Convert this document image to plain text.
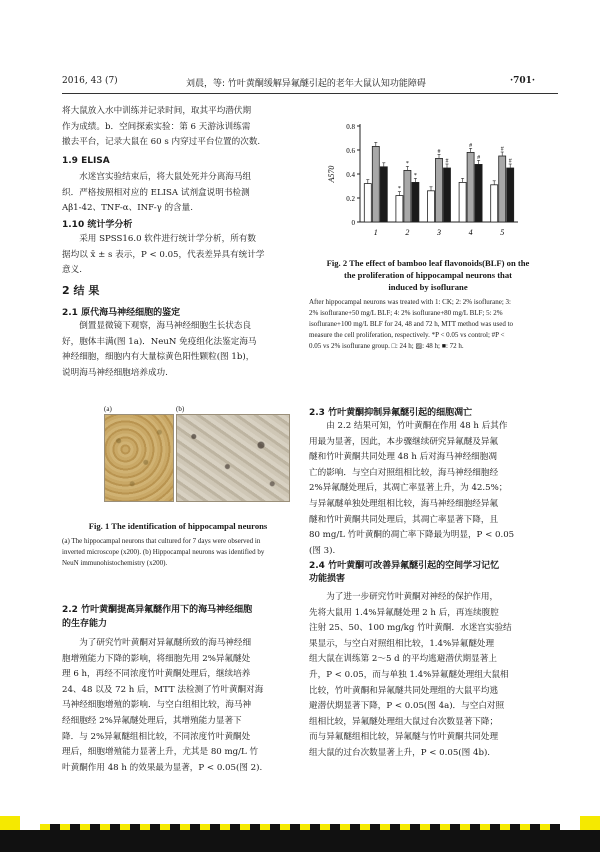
2016, 43 (7)	刘晨，等: 竹叶黄酮缓解异氟醚引起的老年大鼠认知功能障碍	·701·

将大鼠放入水中训练并记录时间，取其平均潜伏期

作为成绩。b．空间探索实验：第 6 天游泳训练需

撤去平台，记录大鼠在 60 s 内穿过平台位置的次数.

1.9 ELISA

水迷宫实验结束后，将大鼠处死并分离海马组

织．严格按照相对应的 ELISA 试剂盒说明书检测

Aβ1-42、TNF-α、INF-γ 的含量.

1.10 统计学分析

采用 SPSS16.0 软件进行统计学分析，所有数

据均以 x̄ ± s 表示，P < 0.05，代表差异具有统计学

意义.

2 结 果
2.1 原代海马神经细胞的鉴定

倒置显微镜下观察，海马神经细胞生长状态良

好，胞体丰满(图 1a)．NeuN 免疫组化法鉴定海马

神经细胞，细胞内有大量棕黄色阳性颗粒(图 1b)，

说明海马神经细胞培养成功.

(a)	(b)
Fig. 1 The identification of hippocampal neurons
(a) The hippocampal neurons that cultured for 7 days were observed in
inverted microscope (x200). (b) Hippocampal neurons was identified by
NeuN immunohistochemistry (x200).
2.2 竹叶黄酮提高异氟醚作用下的海马神经细胞
的生存能力

为了研究竹叶黄酮对异氟醚所致的海马神经细

胞增殖能力下降的影响，将细胞先用 2%异氟醚处

理 6 h，再经不同浓度竹叶黄酮处理后，继续培养

24、48 以及 72 h 后，MTT 法检测了竹叶黄酮对海

马神经细胞增殖的影响．与空白组相比较，海马神

经细胞经 2%异氟醚处理后，其增殖能力显著下

降．与 2%异氟醚组相比较，不同浓度竹叶黄酮处

理后，细胞增殖能力显著上升，尤其是 80 mg/L 竹

叶黄酮作用 48 h 的效果最为显著，P < 0.05(图 2).

0
0.2
0.4
0.6
0.8
A570
1
*
*
*
2
#
#
3
#
#
4
#
#
5
Fig. 2 The effect of bamboo leaf flavonoids(BLF) on the
the proliferation of hippocampal neurons that
induced by isoflurane
After hippocampal neurons was treated with 1: CK; 2: 2% isoflurane; 3:
2% isoflurane+50 mg/L BLF; 4: 2% isoflurane+80 mg/L BLF; 5: 2%
isoflurane+100 mg/L BLF for 24, 48 and 72 h, MTT method was used to
measure the cell proliferation, respectively. *P < 0.05 vs control; #P <
0.05 vs 2% isoflurane group. □: 24 h; ▨: 48 h; ■: 72 h.
2.3 竹叶黄酮抑制异氟醚引起的细胞凋亡

由 2.2 结果可知，竹叶黄酮在作用 48 h 后其作

用最为显著，因此，本步骤继续研究异氟醚及异氟

醚和竹叶黄酮共同处理 48 h 后对海马神经细胞凋

亡的影响．与空白对照组相比较，海马神经细胞经

2%异氟醚处理后，其凋亡率显著上升，为 42.5%；

与异氟醚单独处理组相比较，海马神经细胞经异氟

醚和竹叶黄酮共同处理后，其凋亡率显著下降，且

80 mg/L 竹叶黄酮的凋亡率下降最为明显，P < 0.05

(图 3).

2.4 竹叶黄酮可改善异氟醚引起的空间学习记忆
功能损害

为了进一步研究竹叶黄酮对神经的保护作用，

先将大鼠用 1.4%异氟醚处理 2 h 后，再连续腹腔

注射 25、50、100 mg/kg 竹叶黄酮．水迷宫实验结

果显示，与空白对照组相比较，1.4%异氟醚处理

组大鼠在训练第 2～5 d 的平均逃避潜伏期显著上

升，P < 0.05，而与单独 1.4%异氟醚处理组大鼠相

比较，竹叶黄酮和异氟醚共同处理组的大鼠平均逃

避潜伏期显著下降，P < 0.05(图 4a)．与空白对照

组相比较，异氟醚处理组大鼠过台次数显著下降；

而与异氟醚组相比较，异氟醚与竹叶黄酮共同处理

组大鼠的过台次数显著上升，P < 0.05(图 4b).
